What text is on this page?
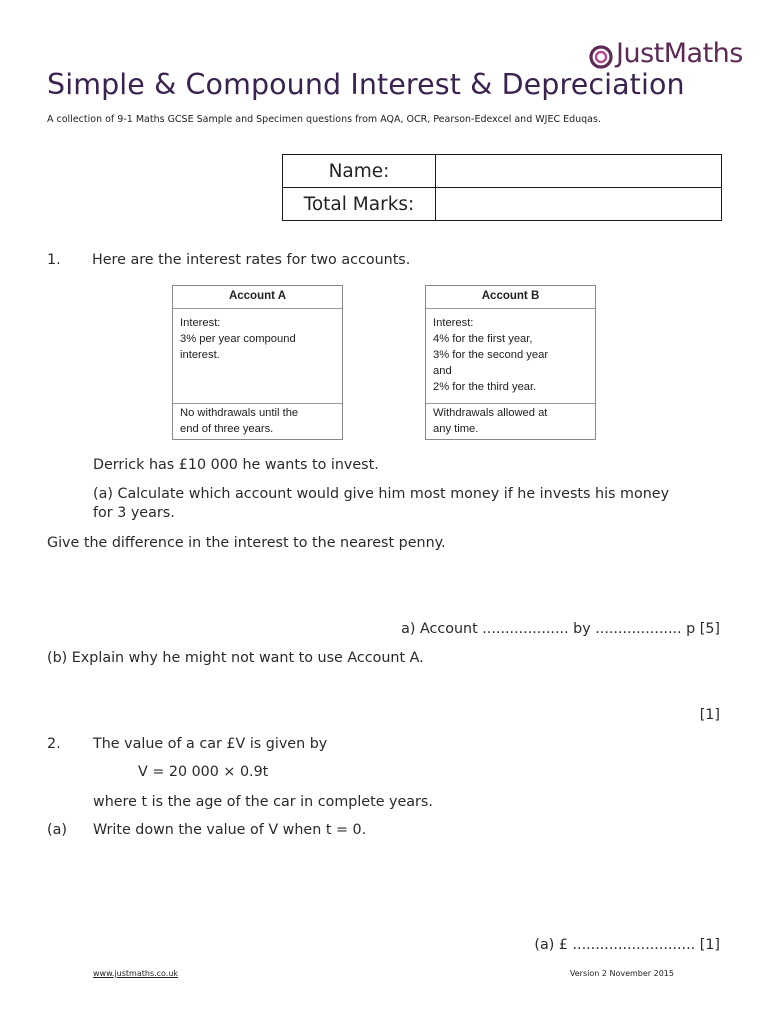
JustMaths
Simple & Compound Interest & Depreciation
A collection of 9-1 Maths GCSE Sample and Specimen questions from AQA, OCR, Pearson-Edexcel and WJEC Eduqas.
Name:	
Total Marks:	
1. Here are the interest rates for two accounts.
Account A
Interest:
3% per year compound
interest.
No withdrawals until the
end of three years.
Account B
Interest:
4% for the first year,
3% for the second year
and
2% for the third year.
Withdrawals allowed at
any time.
Derrick has £10 000 he wants to invest.
(a) Calculate which account would give him most money if he invests his money
for 3 years.
Give the difference in the interest to the nearest penny.
a) Account ................... by ................... p [5]
(b) Explain why he might not want to use Account A.
[1]
2. The value of a car £V is given by
V = 20 000 × 0.9t
where t is the age of the car in complete years.
(a) Write down the value of V when t = 0.
(a) £ ........................... [1]
www.justmaths.co.uk	Version 2 November 2015
